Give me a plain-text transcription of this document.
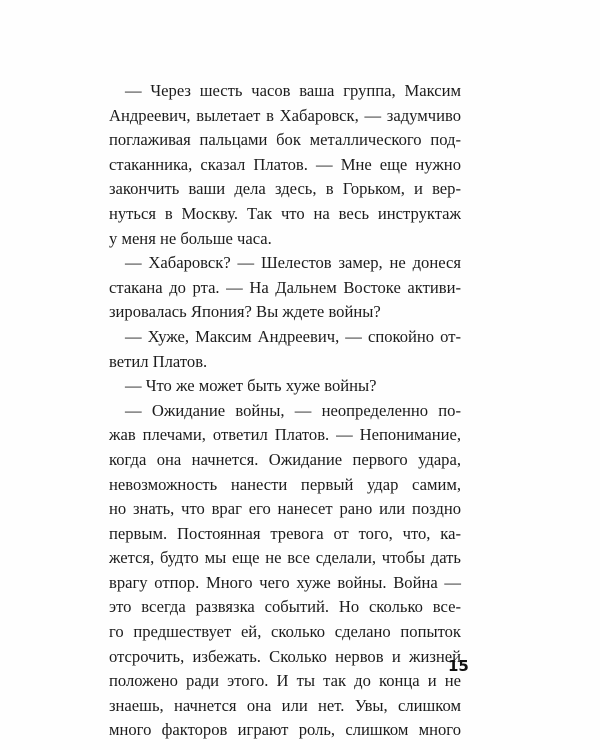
— Через шесть часов ваша группа, Максим
Андреевич, вылетает в Хабаровск, — задумчиво
поглаживая пальцами бок металлического под-
стаканника, сказал Платов. — Мне еще нужно
закончить ваши дела здесь, в Горьком, и вер-
нуться в Москву. Так что на весь инструктаж
у меня не больше часа.
— Хабаровск? — Шелестов замер, не донеся
стакана до рта. — На Дальнем Востоке активи-
зировалась Япония? Вы ждете войны?
— Хуже, Максим Андреевич, — спокойно от-
ветил Платов.
— Что же может быть хуже войны?
— Ожидание войны, — неопределенно по-
жав плечами, ответил Платов. — Непонимание,
когда она начнется. Ожидание первого удара,
невозможность нанести первый удар самим,
но знать, что враг его нанесет рано или поздно
первым. Постоянная тревога от того, что, ка-
жется, будто мы еще не все сделали, чтобы дать
врагу отпор. Много чего хуже войны. Война —
это всегда развязка событий. Но сколько все-
го предшествует ей, сколько сделано попыток
отсрочить, избежать. Сколько нервов и жизней
положено ради этого. И ты так до конца и не
знаешь, начнется она или нет. Увы, слишком
много факторов играют роль, слишком много
15
